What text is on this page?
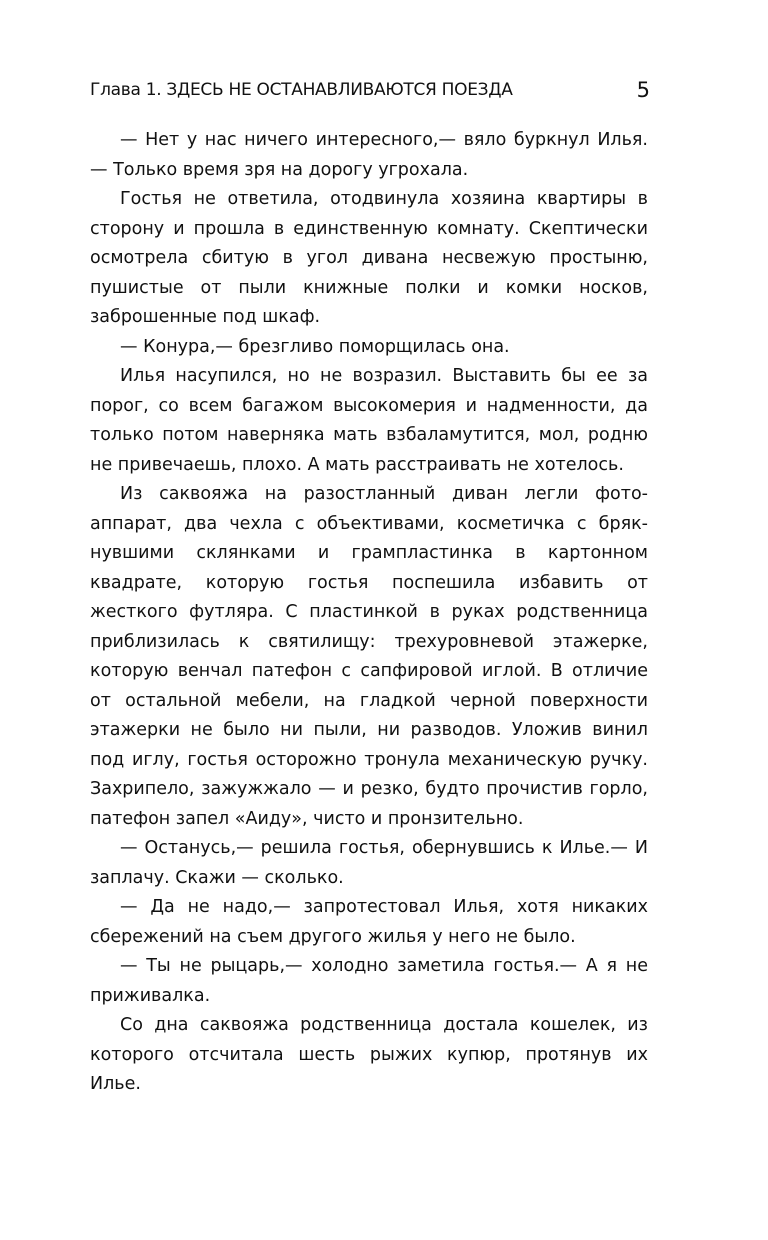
Глава 1. ЗДЕСЬ НЕ ОСТАНАВЛИВАЮТСЯ ПОЕЗДА	5

— Нет у нас ничего интересного,— вяло буркнул Илья.— Только время зря на дорогу угрохала.

Гостья не ответила, отодвинула хозяина квартиры в сторону и прошла в единственную комнату. Скептически осмотрела сбитую в угол дивана несвежую простыню, пушистые от пыли книжные полки и комки носков, заброшенные под шкаф.

— Конура,— брезгливо поморщилась она.

Илья насупился, но не возразил. Выставить бы ее за порог, со всем багажом высокомерия и надменности, да только потом наверняка мать взбаламутится, мол, родню не привечаешь, плохо. А мать расстраивать не хотелось.

Из саквояжа на разостланный диван легли фотоаппарат, два чехла с объективами, косметичка с брякнувшими склянками и грампластинка в картонном квадрате, которую гостья поспешила избавить от жесткого футляра. С пластинкой в руках родственница приблизилась к святилищу: трехуровневой этажерке, которую венчал патефон с сапфировой иглой. В отличие от остальной мебели, на гладкой черной поверхности этажерки не было ни пыли, ни разводов. Уложив винил под иглу, гостья осторожно тронула механическую ручку. Захрипело, зажужжало — и резко, будто прочистив горло, патефон запел «Аиду», чисто и пронзительно.

— Останусь,— решила гостья, обернувшись к Илье.— И заплачу. Скажи — сколько.

— Да не надо,— запротестовал Илья, хотя никаких сбережений на съем другого жилья у него не было.

— Ты не рыцарь,— холодно заметила гостья.— А я не приживалка.

Со дна саквояжа родственница достала кошелек, из которого отсчитала шесть рыжих купюр, протянув их Илье.
